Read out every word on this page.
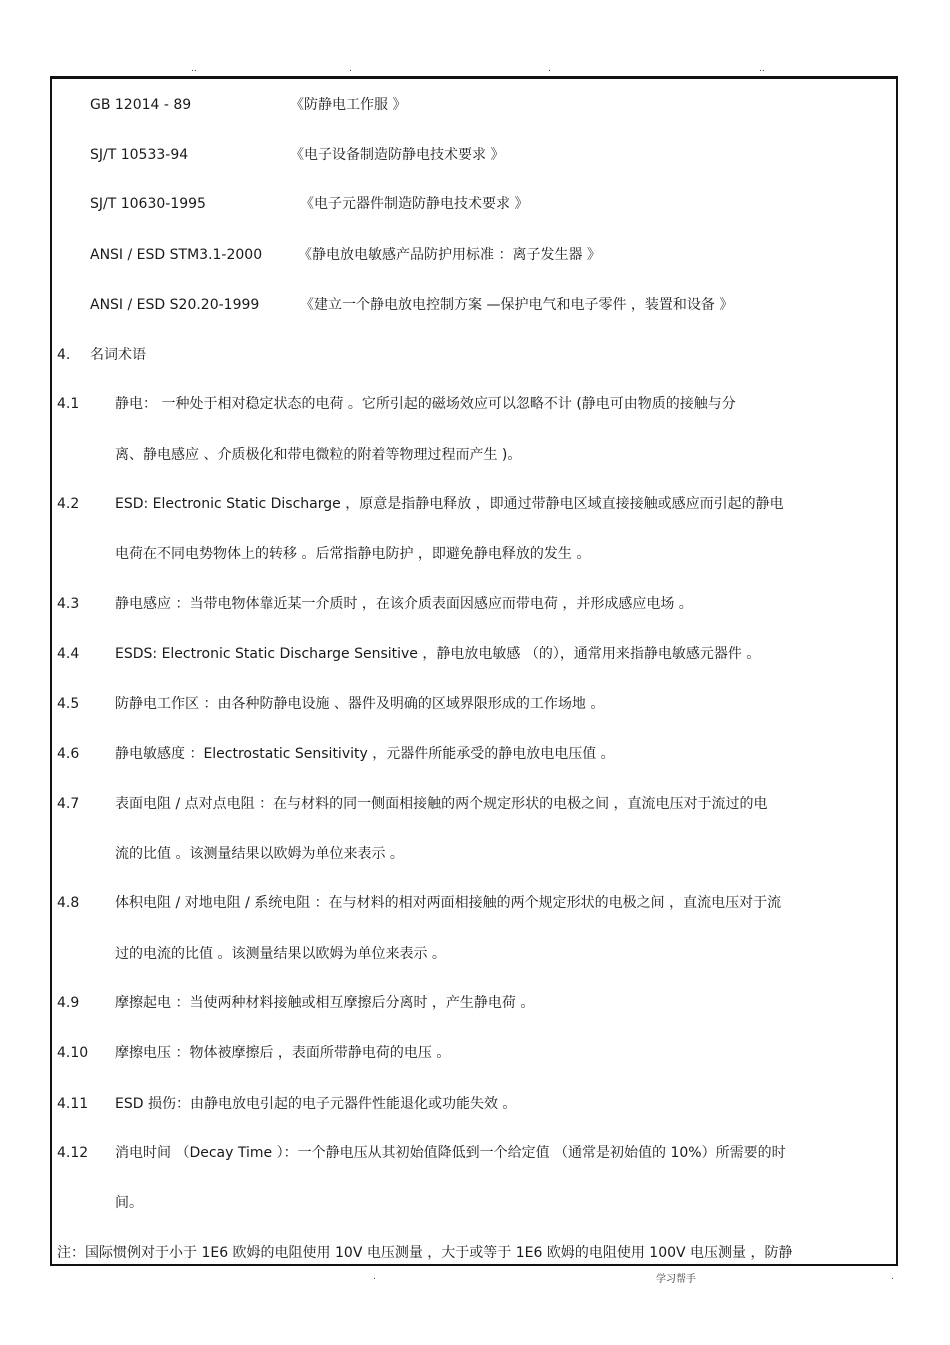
..	.	.	..
GB 12014 - 89	《防静电工作服 》
SJ/T 10533-94	《电子设备制造防静电技术要求 》
SJ/T 10630-1995	《电子元器件制造防静电技术要求 》
ANSI / ESD STM3.1-2000	《静电放电敏感产品防护用标准 ：离子发生器 》
ANSI / ESD S20.20-1999	《建立一个静电放电控制方案 —保护电气和电子零件 ，装置和设备 》
4. 名词术语
4.1	静电： 一种处于相对稳定状态的电荷 。它所引起的磁场效应可以忽略不计 (静电可由物质的接触与分
离、静电感应 、介质极化和带电微粒的附着等物理过程而产生 )。
4.2	ESD: Electronic Static Discharge ，原意是指静电释放 ，即通过带静电区域直接接触或感应而引起的静电
电荷在不同电势物体上的转移 。后常指静电防护 ，即避免静电释放的发生 。
4.3	静电感应 ：当带电物体靠近某一介质时 ，在该介质表面因感应而带电荷 ，并形成感应电场 。
4.4	ESDS: Electronic Static Discharge Sensitive ，静电放电敏感 （的），通常用来指静电敏感元器件 。
4.5	防静电工作区 ：由各种防静电设施 、器件及明确的区域界限形成的工作场地 。
4.6	静电敏感度 ：Electrostatic Sensitivity ，元器件所能承受的静电放电电压值 。
4.7	表面电阻 / 点对点电阻 ：在与材料的同一侧面相接触的两个规定形状的电极之间 ，直流电压对于流过的电
流的比值 。该测量结果以欧姆为单位来表示 。
4.8	体积电阻 / 对地电阻 / 系统电阻 ：在与材料的相对两面相接触的两个规定形状的电极之间 ，直流电压对于流
过的电流的比值 。该测量结果以欧姆为单位来表示 。
4.9	摩擦起电 ：当使两种材料接触或相互摩擦后分离时 ，产生静电荷 。
4.10 摩擦电压 ：物体被摩擦后 ，表面所带静电荷的电压 。
4.11 ESD 损伤：由静电放电引起的电子元器件性能退化或功能失效 。
4.12 消电时间 （Decay Time ）：一个静电压从其初始值降低到一个给定值 （通常是初始值的 10%）所需要的时
间。
注：国际惯例对于小于 1E6 欧姆的电阻使用 10V 电压测量 ，大于或等于 1E6 欧姆的电阻使用 100V 电压测量 ，防静
.	学习帮手	.
